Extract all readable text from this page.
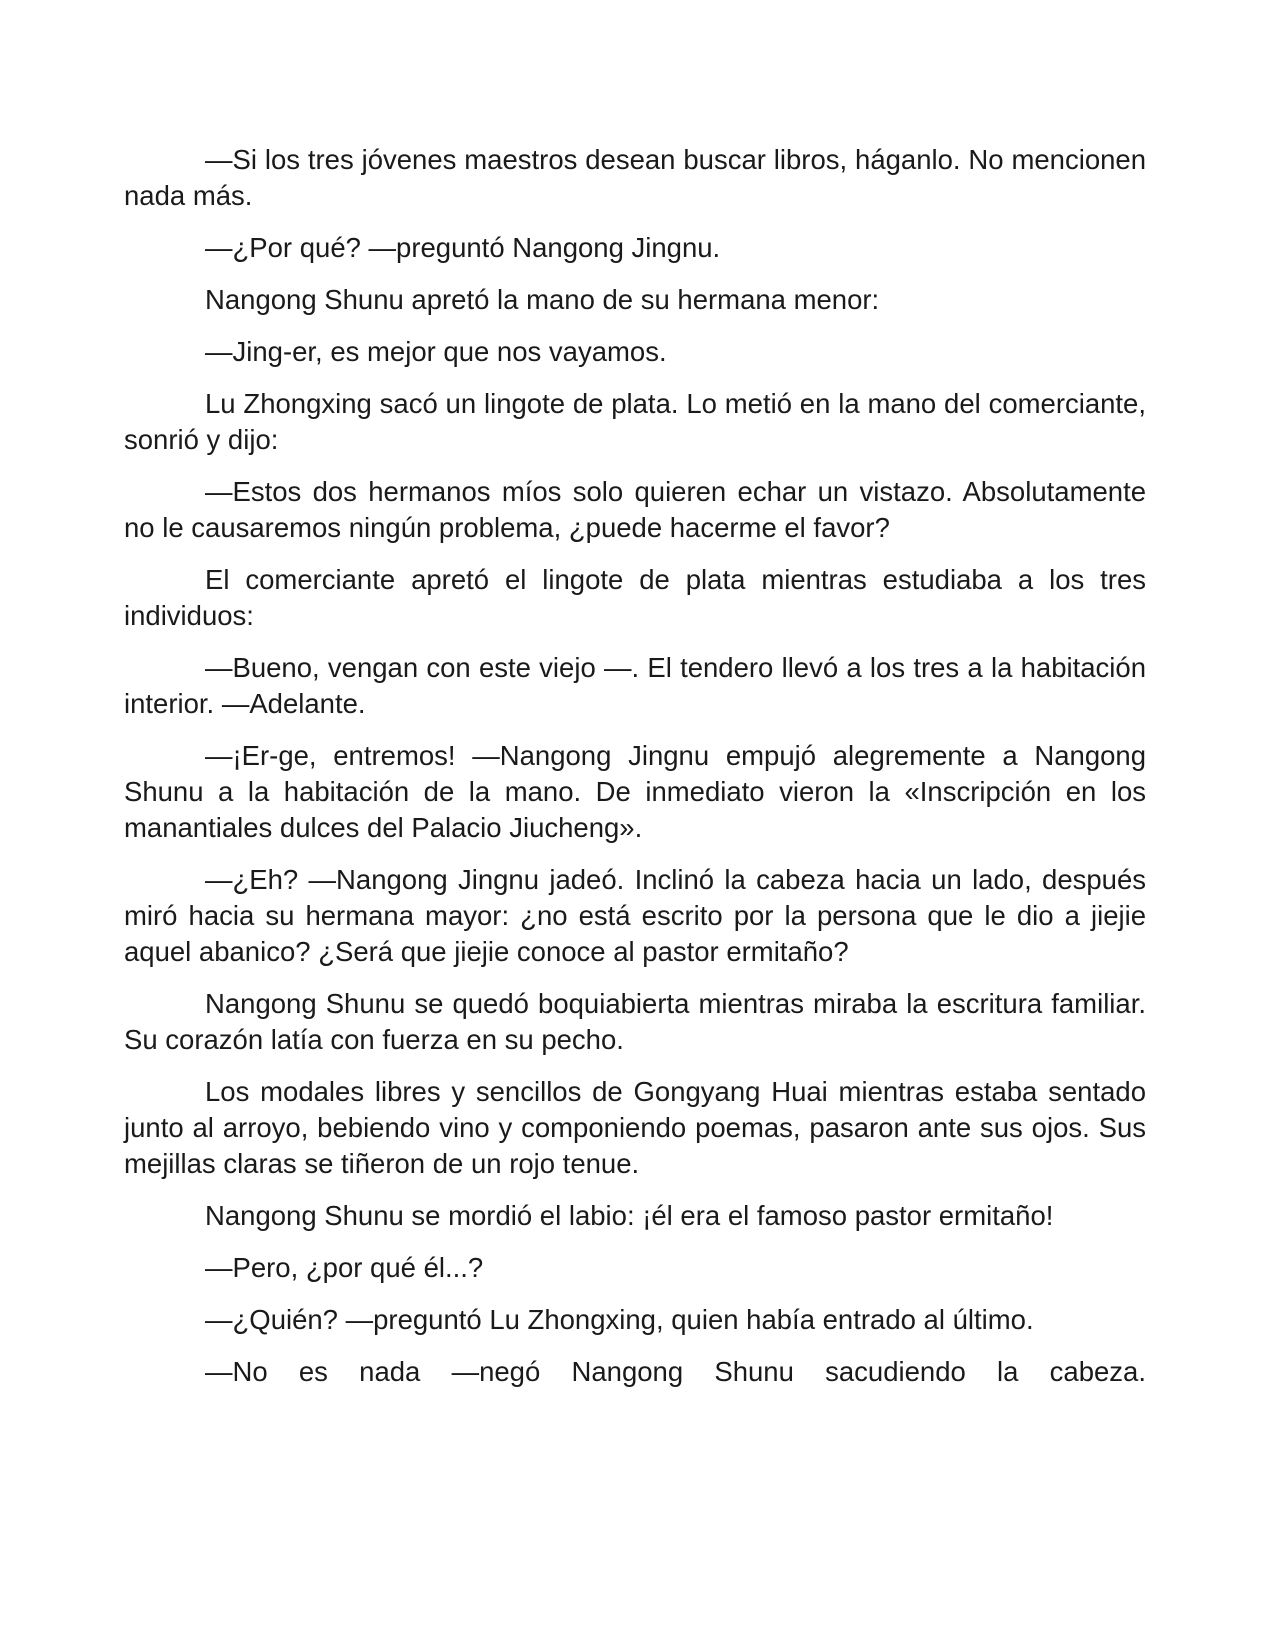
—Si los tres jóvenes maestros desean buscar libros, háganlo. No mencionen nada más.

—¿Por qué? —preguntó Nangong Jingnu.

Nangong Shunu apretó la mano de su hermana menor:

—Jing-er, es mejor que nos vayamos.

Lu Zhongxing sacó un lingote de plata. Lo metió en la mano del comerciante, sonrió y dijo:

—Estos dos hermanos míos solo quieren echar un vistazo. Absolutamente no le causaremos ningún problema, ¿puede hacerme el favor?

El comerciante apretó el lingote de plata mientras estudiaba a los tres individuos:

—Bueno, vengan con este viejo —. El tendero llevó a los tres a la habitación interior. —Adelante.

—¡Er-ge, entremos! —Nangong Jingnu empujó alegremente a Nangong Shunu a la habitación de la mano. De inmediato vieron la «Inscripción en los manantiales dulces del Palacio Jiucheng».

—¿Eh? —Nangong Jingnu jadeó. Inclinó la cabeza hacia un lado, después miró hacia su hermana mayor: ¿no está escrito por la persona que le dio a jiejie aquel abanico? ¿Será que jiejie conoce al pastor ermitaño?

Nangong Shunu se quedó boquiabierta mientras miraba la escritura familiar. Su corazón latía con fuerza en su pecho.

Los modales libres y sencillos de Gongyang Huai mientras estaba sentado junto al arroyo, bebiendo vino y componiendo poemas, pasaron ante sus ojos. Sus mejillas claras se tiñeron de un rojo tenue.

Nangong Shunu se mordió el labio: ¡él era el famoso pastor ermitaño!

—Pero, ¿por qué él...?

—¿Quién? —preguntó Lu Zhongxing, quien había entrado al último.

—No es nada —negó Nangong Shunu sacudiendo la cabeza.
